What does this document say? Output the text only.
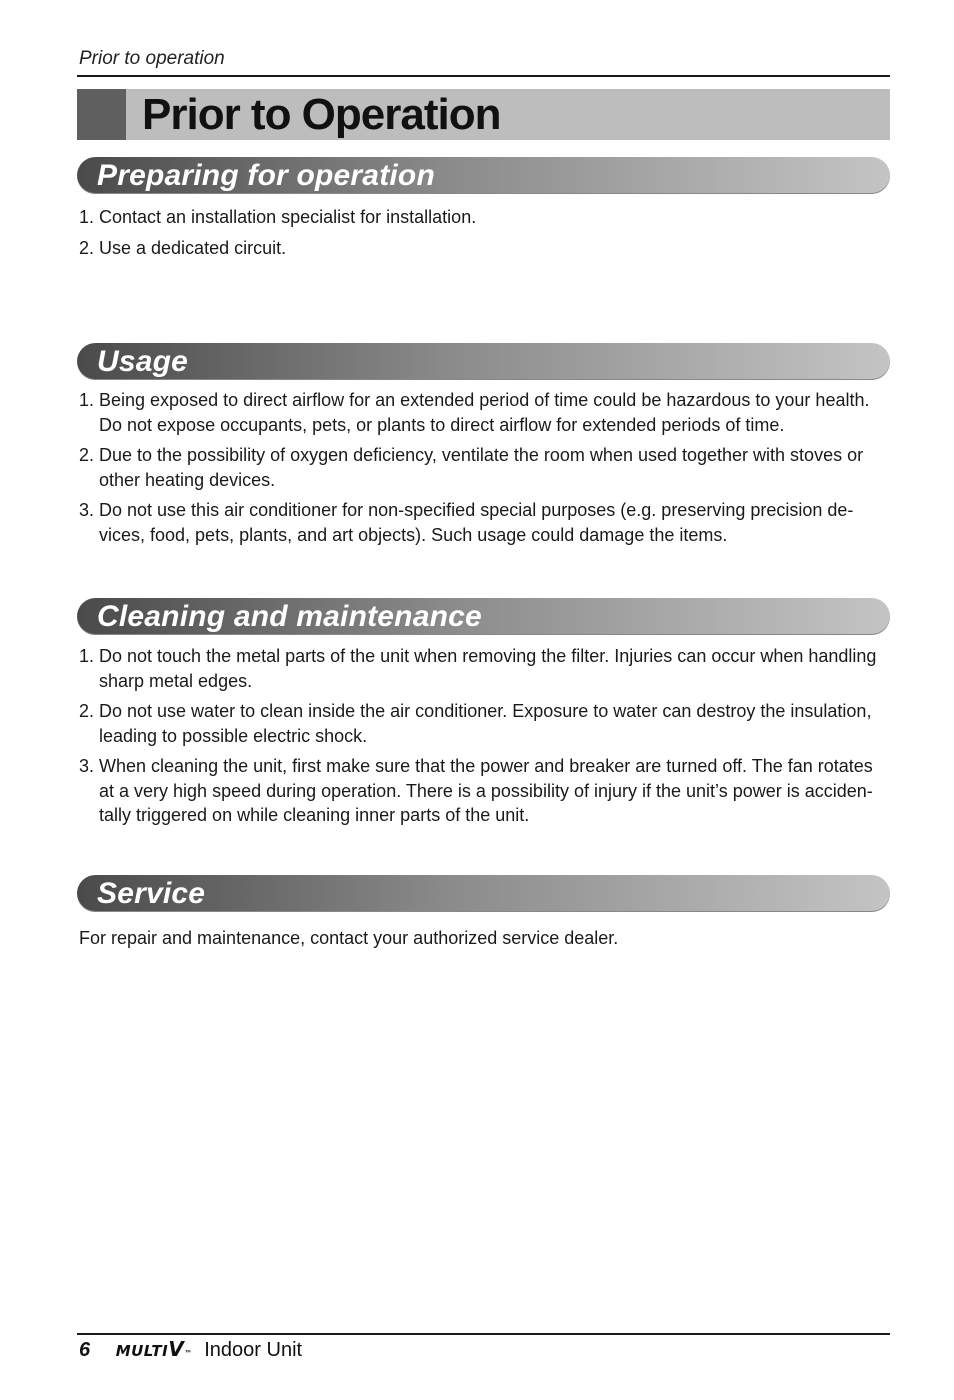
Prior to operation
Prior to Operation
Preparing for operation
1. Contact an installation specialist for installation.
2. Use a dedicated circuit.
Usage
1. Being exposed to direct airflow for an extended period of time could be hazardous to your health. Do not expose occupants, pets, or plants to direct airflow for extended periods of time.
2. Due to the possibility of oxygen deficiency, ventilate the room when used together with stoves or other heating devices.
3. Do not use this air conditioner for non-specified special purposes (e.g. preserving precision de-vices, food, pets, plants, and art objects). Such usage could damage the items.
Cleaning and maintenance
1. Do not touch the metal parts of the unit when removing the filter. Injuries can occur when handling sharp metal edges.
2. Do not use water to clean inside the air conditioner. Exposure to water can destroy the insulation, leading to possible electric shock.
3. When cleaning the unit, first make sure that the power and breaker are turned off. The fan rotates at a very high speed during operation. There is a possibility of injury if the unit’s power is acciden-tally triggered on while cleaning inner parts of the unit.
Service
For repair and maintenance, contact your authorized service dealer.
6 MULTIV™ Indoor Unit
